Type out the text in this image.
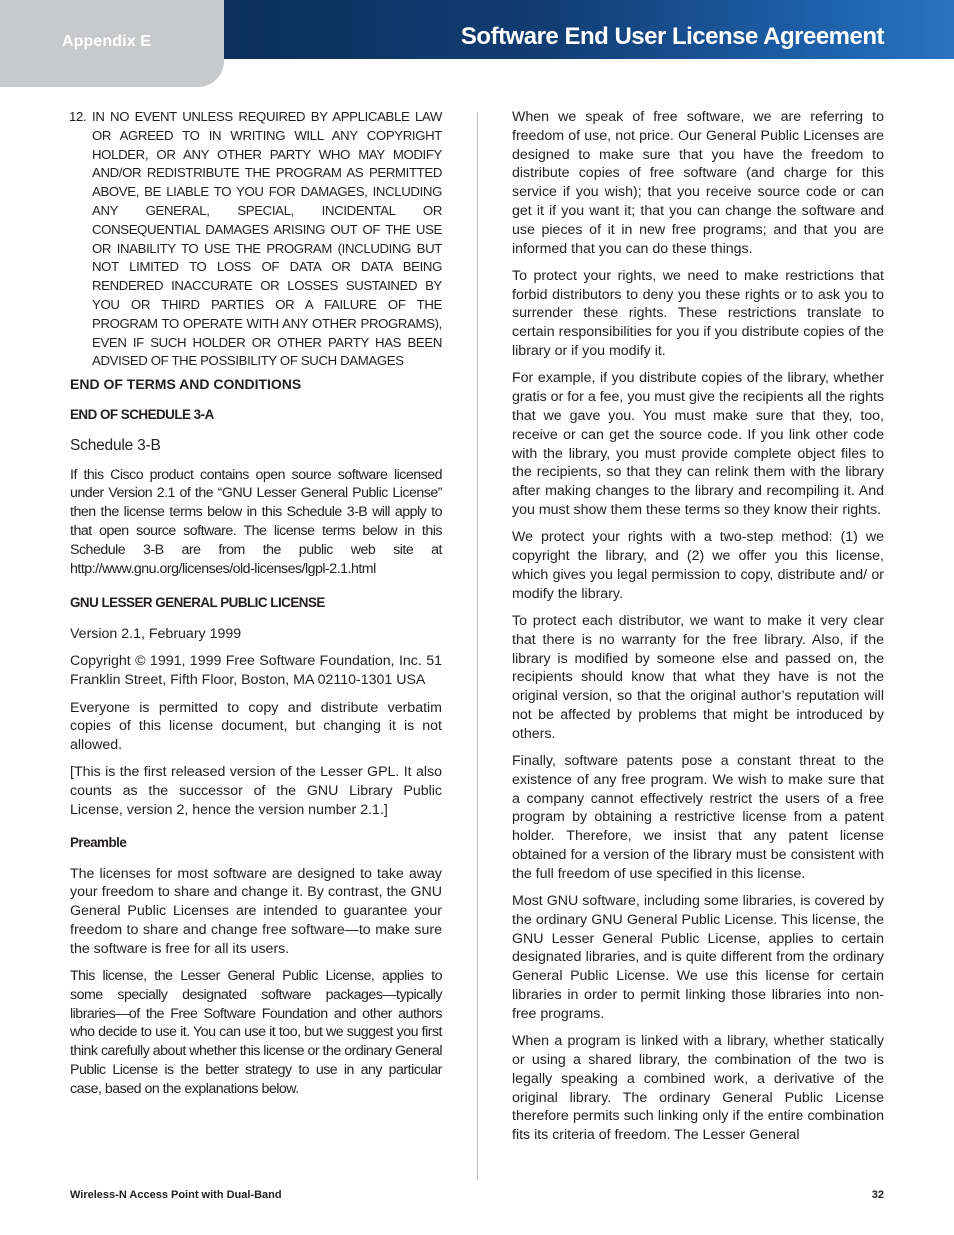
Appendix E	Software End User License Agreement
12. IN NO EVENT UNLESS REQUIRED BY APPLICABLE LAW OR AGREED TO IN WRITING WILL ANY COPYRIGHT HOLDER, OR ANY OTHER PARTY WHO MAY MODIFY AND/OR REDISTRIBUTE THE PROGRAM AS PERMITTED ABOVE, BE LIABLE TO YOU FOR DAMAGES, INCLUDING ANY GENERAL, SPECIAL, INCIDENTAL OR CONSEQUENTIAL DAMAGES ARISING OUT OF THE USE OR INABILITY TO USE THE PROGRAM (INCLUDING BUT NOT LIMITED TO LOSS OF DATA OR DATA BEING RENDERED INACCURATE OR LOSSES SUSTAINED BY YOU OR THIRD PARTIES OR A FAILURE OF THE PROGRAM TO OPERATE WITH ANY OTHER PROGRAMS), EVEN IF SUCH HOLDER OR OTHER PARTY HAS BEEN ADVISED OF THE POSSIBILITY OF SUCH DAMAGES
END OF TERMS AND CONDITIONS
END OF SCHEDULE 3-A
Schedule 3-B

If this Cisco product contains open source software licensed under Version 2.1 of the “GNU Lesser General Public License” then the license terms below in this Schedule 3-B will apply to that open source software. The license terms below in this Schedule 3-B are from the public web site at http://www.gnu.org/licenses/old-licenses/lgpl-2.1.html

GNU LESSER GENERAL PUBLIC LICENSE

Version 2.1, February 1999

Copyright © 1991, 1999 Free Software Foundation, Inc. 51 Franklin Street, Fifth Floor, Boston, MA 02110-1301 USA

Everyone is permitted to copy and distribute verbatim copies of this license document, but changing it is not allowed.

[This is the first released version of the Lesser GPL. It also counts as the successor of the GNU Library Public License, version 2, hence the version number 2.1.]

Preamble

The licenses for most software are designed to take away your freedom to share and change it. By contrast, the GNU General Public Licenses are intended to guarantee your freedom to share and change free software—to make sure the software is free for all its users.

This license, the Lesser General Public License, applies to some specially designated software packages—typically libraries—of the Free Software Foundation and other authors who decide to use it. You can use it too, but we suggest you first think carefully about whether this license or the ordinary General Public License is the better strategy to use in any particular case, based on the explanations below.

When we speak of free software, we are referring to freedom of use, not price. Our General Public Licenses are designed to make sure that you have the freedom to distribute copies of free software (and charge for this service if you wish); that you receive source code or can get it if you want it; that you can change the software and use pieces of it in new free programs; and that you are informed that you can do these things.

To protect your rights, we need to make restrictions that forbid distributors to deny you these rights or to ask you to surrender these rights. These restrictions translate to certain responsibilities for you if you distribute copies of the library or if you modify it.

For example, if you distribute copies of the library, whether gratis or for a fee, you must give the recipients all the rights that we gave you. You must make sure that they, too, receive or can get the source code. If you link other code with the library, you must provide complete object files to the recipients, so that they can relink them with the library after making changes to the library and recompiling it. And you must show them these terms so they know their rights.

We protect your rights with a two-step method: (1) we copyright the library, and (2) we offer you this license, which gives you legal permission to copy, distribute and/ or modify the library.

To protect each distributor, we want to make it very clear that there is no warranty for the free library. Also, if the library is modified by someone else and passed on, the recipients should know that what they have is not the original version, so that the original author’s reputation will not be affected by problems that might be introduced by others.

Finally, software patents pose a constant threat to the existence of any free program. We wish to make sure that a company cannot effectively restrict the users of a free program by obtaining a restrictive license from a patent holder. Therefore, we insist that any patent license obtained for a version of the library must be consistent with the full freedom of use specified in this license.

Most GNU software, including some libraries, is covered by the ordinary GNU General Public License. This license, the GNU Lesser General Public License, applies to certain designated libraries, and is quite different from the ordinary General Public License. We use this license for certain libraries in order to permit linking those libraries into non-free programs.

When a program is linked with a library, whether statically or using a shared library, the combination of the two is legally speaking a combined work, a derivative of the original library. The ordinary General Public License therefore permits such linking only if the entire combination fits its criteria of freedom. The Lesser General

Wireless-N Access Point with Dual-Band	32
